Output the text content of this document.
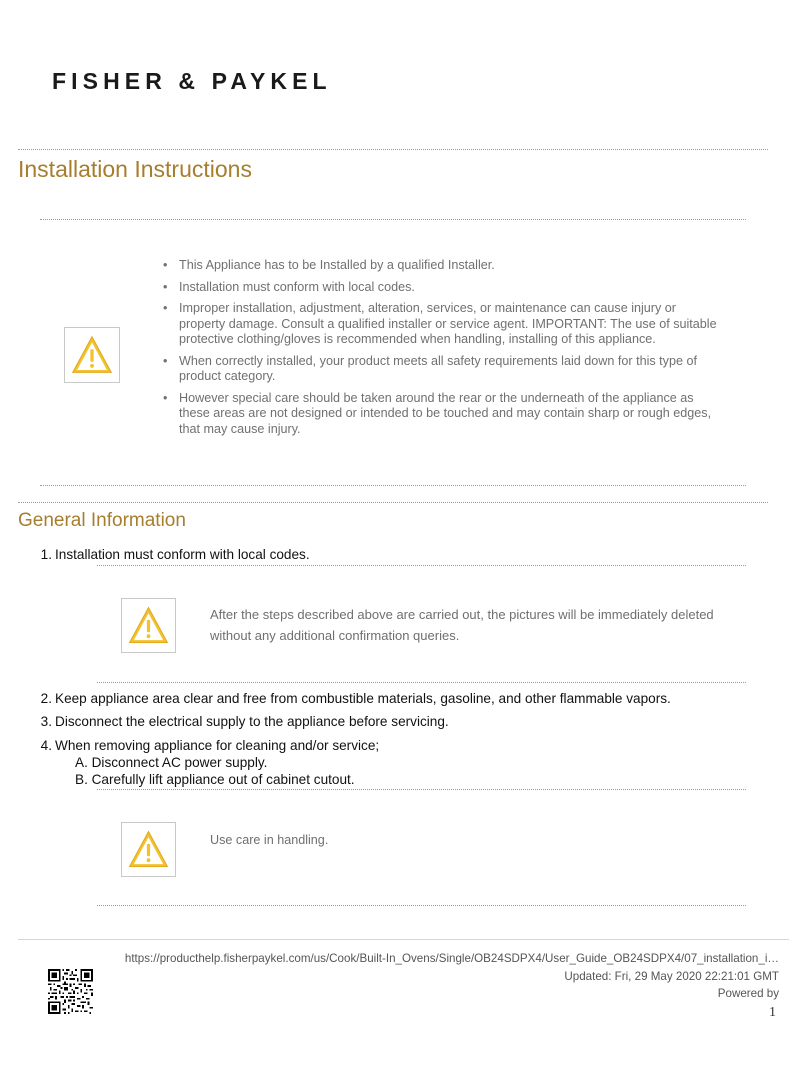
FISHER & PAYKEL
Installation Instructions
• This Appliance has to be Installed by a qualified Installer.
• Installation must conform with local codes.
• Improper installation, adjustment, alteration, services, or maintenance can cause injury or property damage. Consult a qualified installer or service agent. IMPORTANT: The use of suitable protective clothing/gloves is recommended when handling, installing of this appliance.
• When correctly installed, your product meets all safety requirements laid down for this type of product category.
• However special care should be taken around the rear or the underneath of the appliance as these areas are not designed or intended to be touched and may contain sharp or rough edges, that may cause injury.
General Information
1. Installation must conform with local codes.
After the steps described above are carried out, the pictures will be immediately deleted without any additional confirmation queries.
2. Keep appliance area clear and free from combustible materials, gasoline, and other flammable vapors.
3. Disconnect the electrical supply to the appliance before servicing.
4. When removing appliance for cleaning and/or service;
A. Disconnect AC power supply.
B. Carefully lift appliance out of cabinet cutout.
Use care in handling.
https://producthelp.fisherpaykel.com/us/Cook/Built-In_Ovens/Single/OB24SDPX4/User_Guide_OB24SDPX4/07_installation_i…
Updated: Fri, 29 May 2020 22:21:01 GMT
Powered by
1
